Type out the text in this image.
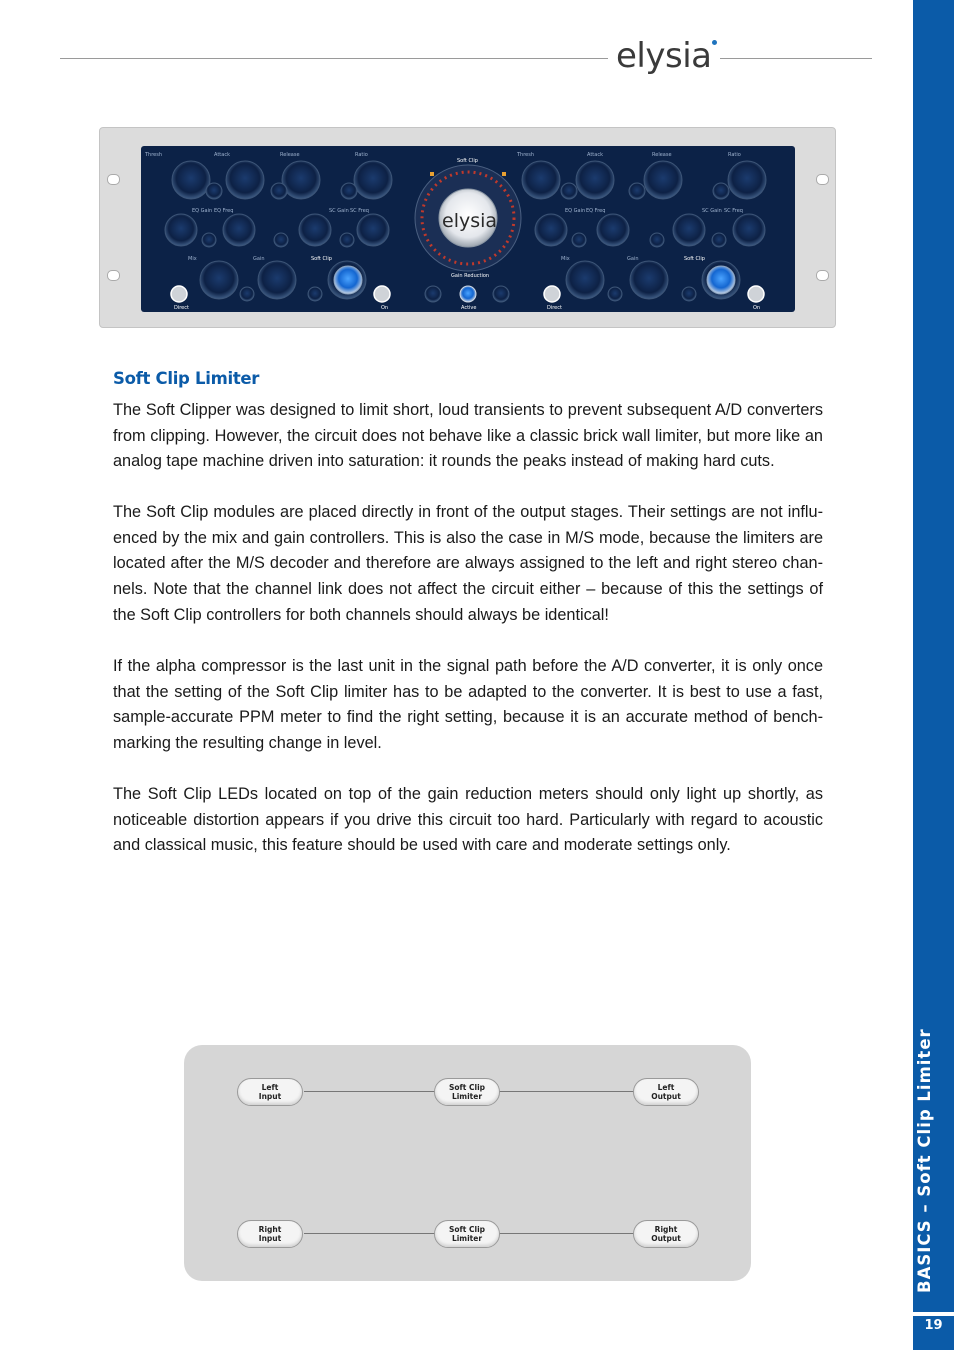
elysia
BASICS – Soft Clip Limiter
19
Thresh	Attack	Release	Ratio	Thresh	Attack	Release	Ratio
EQ Gain EQ Freq	SC Gain SC Freq	EQ Gain EQ Freq	SC Gain SC Freq
Mix	Gain	Soft Clip	Mix	Gain	Soft Clip
Soft Clip
Gain Reduction
Direct	On	Active	Direct	On
elysia
Soft Clip Limiter
The Soft Clipper was designed to limit short, loud transients to prevent subsequent A/D converters
from clipping. However, the circuit does not behave like a classic brick wall limiter, but more like an
analog tape machine driven into saturation: it rounds the peaks instead of making hard cuts.
The Soft Clip modules are placed directly in front of the output stages. Their settings are not influ-
enced by the mix and gain controllers. This is also the case in M/S mode, because the limiters are
located after the M/S decoder and therefore are always assigned to the left and right stereo chan-
nels. Note that the channel link does not affect the circuit either – because of this the settings of
the Soft Clip controllers for both channels should always be identical!
If the alpha compressor is the last unit in the signal path before the A/D converter, it is only once
that the setting of the Soft Clip limiter has to be adapted to the converter. It is best to use a fast,
sample-accurate PPM meter to find the right setting, because it is an accurate method of bench-
marking the resulting change in level.
The Soft Clip LEDs located on top of the gain reduction meters should only light up shortly, as
noticeable distortion appears if you drive this circuit too hard. Particularly with regard to acoustic
and classical music, this feature should be used with care and moderate settings only.
Left
Input
Soft Clip
Limiter
Left
Output
Right
Input
Soft Clip
Limiter
Right
Output
